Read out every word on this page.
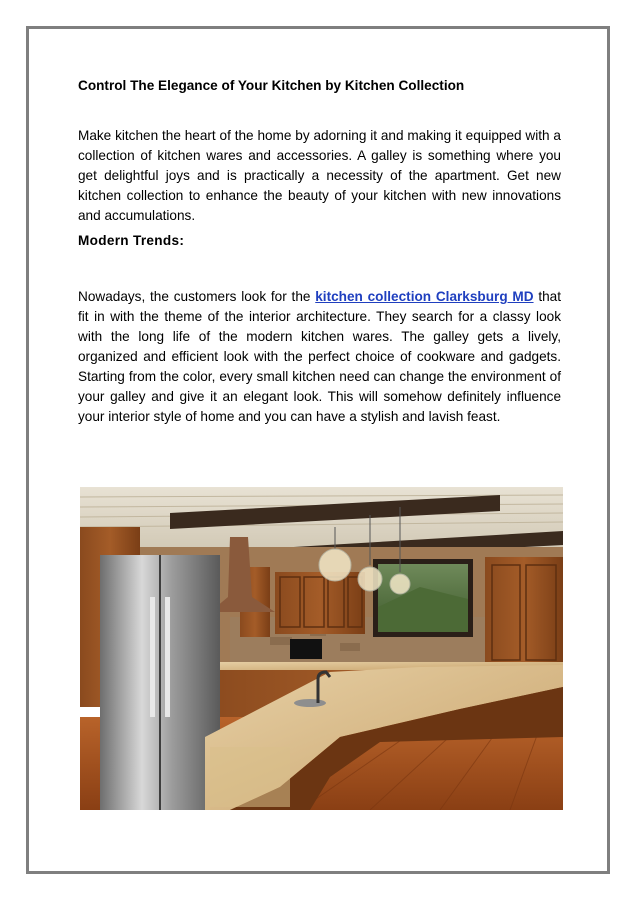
Control The Elegance of Your Kitchen by Kitchen Collection

Make kitchen the heart of the home by adorning it and making it equipped with a collection of kitchen wares and accessories. A galley is something where you get delightful joys and is practically a necessity of the apartment. Get new kitchen collection to enhance the beauty of your kitchen with new innovations and accumulations.

Modern Trends:

Nowadays, the customers look for the kitchen collection Clarksburg MD that fit in with the theme of the interior architecture. They search for a classy look with the long life of the modern kitchen wares. The galley gets a lively, organized and efficient look with the perfect choice of cookware and gadgets. Starting from the color, every small kitchen need can change the environment of your galley and give it an elegant look. This will somehow definitely influence your interior style of home and you can have a stylish and lavish feast.
